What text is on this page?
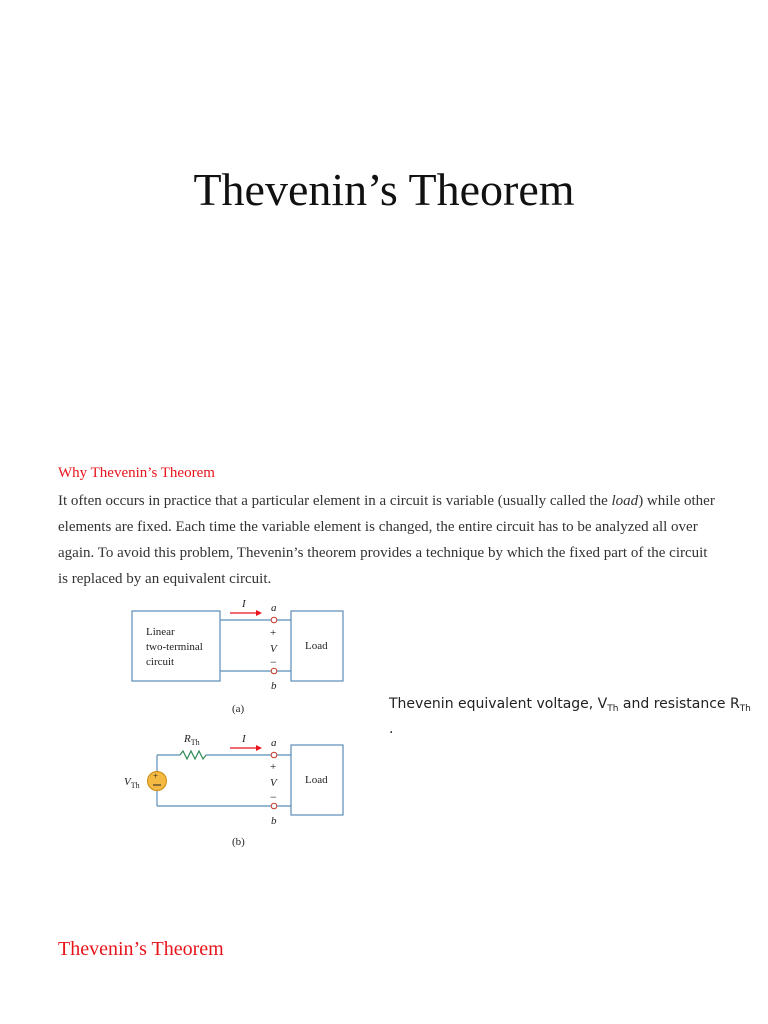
Thevenin’s Theorem
Why Thevenin’s Theorem
It often occurs in practice that a particular element in a circuit is variable (usually called the load) while other elements are fixed. Each time the variable element is changed, the entire circuit has to be analyzed all over again. To avoid this problem, Thevenin’s theorem provides a technique by which the fixed part of the circuit is replaced by an equivalent circuit.
Linear
two-terminal
circuit
I a
+
V
−
b
Load
(a)
$R_{Th}$
+
$V_{Th}$
I a
+
V
−
b
Load
(b)
Thevenin equivalent voltage, $V_{Th}$ and resistance $R_{Th}$
.
Thevenin’s Theorem
